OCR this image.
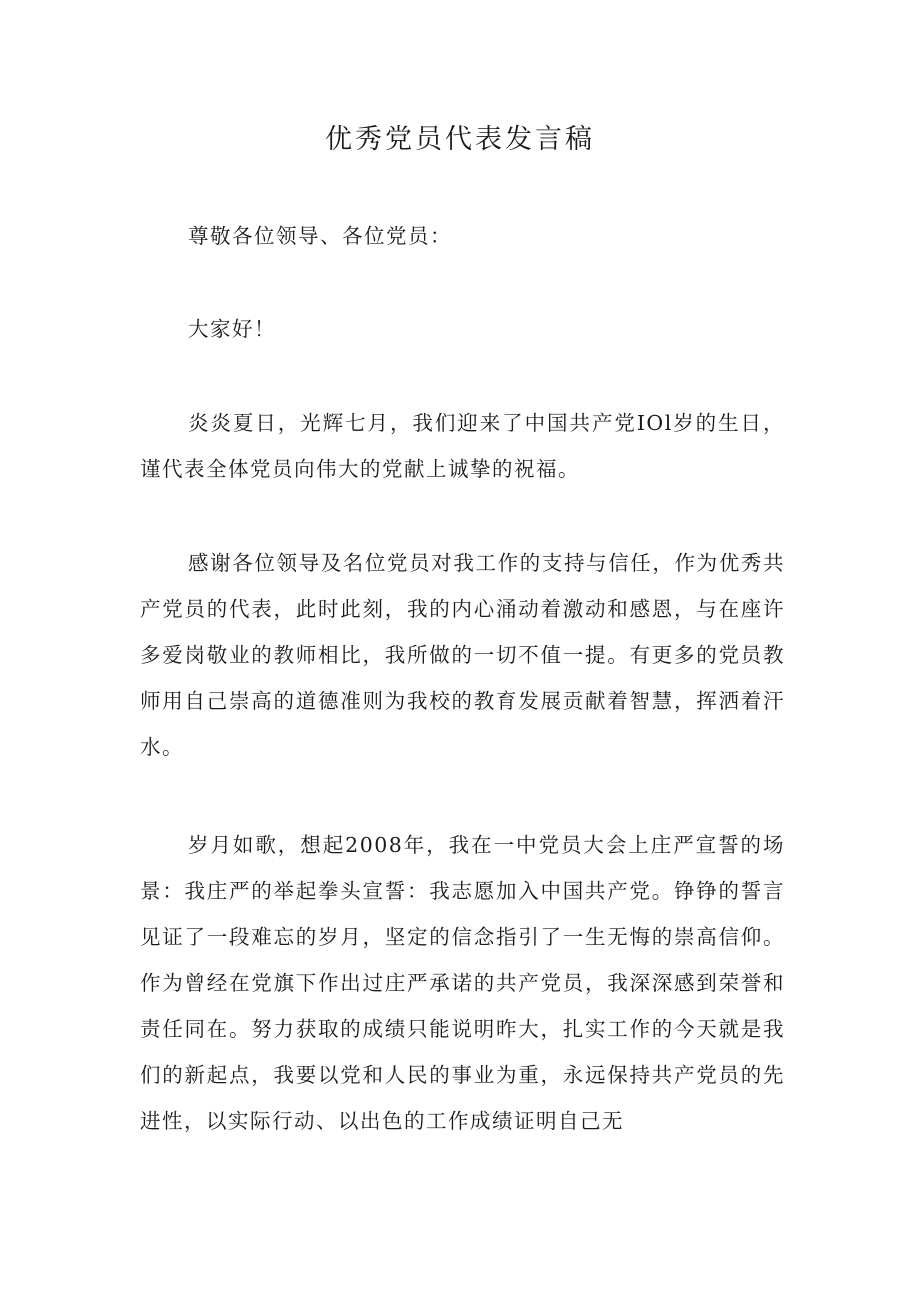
优秀党员代表发言稿

尊敬各位领导、各位党员：

大家好！

炎炎夏日，光辉七月，我们迎来了中国共产党IOl岁的生日，谨代表全体党员向伟大的党献上诚挚的祝福。

感谢各位领导及名位党员对我工作的支持与信任，作为优秀共产党员的代表，此时此刻，我的内心涌动着激动和感恩，与在座许多爱岗敬业的教师相比，我所做的一切不值一提。有更多的党员教师用自己崇高的道德准则为我校的教育发展贡献着智慧，挥洒着汗水。

岁月如歌，想起2008年，我在一中党员大会上庄严宣誓的场景：我庄严的举起拳头宣誓：我志愿加入中国共产党。铮铮的誓言见证了一段难忘的岁月，坚定的信念指引了一生无悔的崇高信仰。作为曾经在党旗下作出过庄严承诺的共产党员，我深深感到荣誉和责任同在。努力获取的成绩只能说明昨大，扎实工作的今天就是我们的新起点，我要以党和人民的事业为重，永远保持共产党员的先进性，以实际行动、以出色的工作成绩证明自己无
